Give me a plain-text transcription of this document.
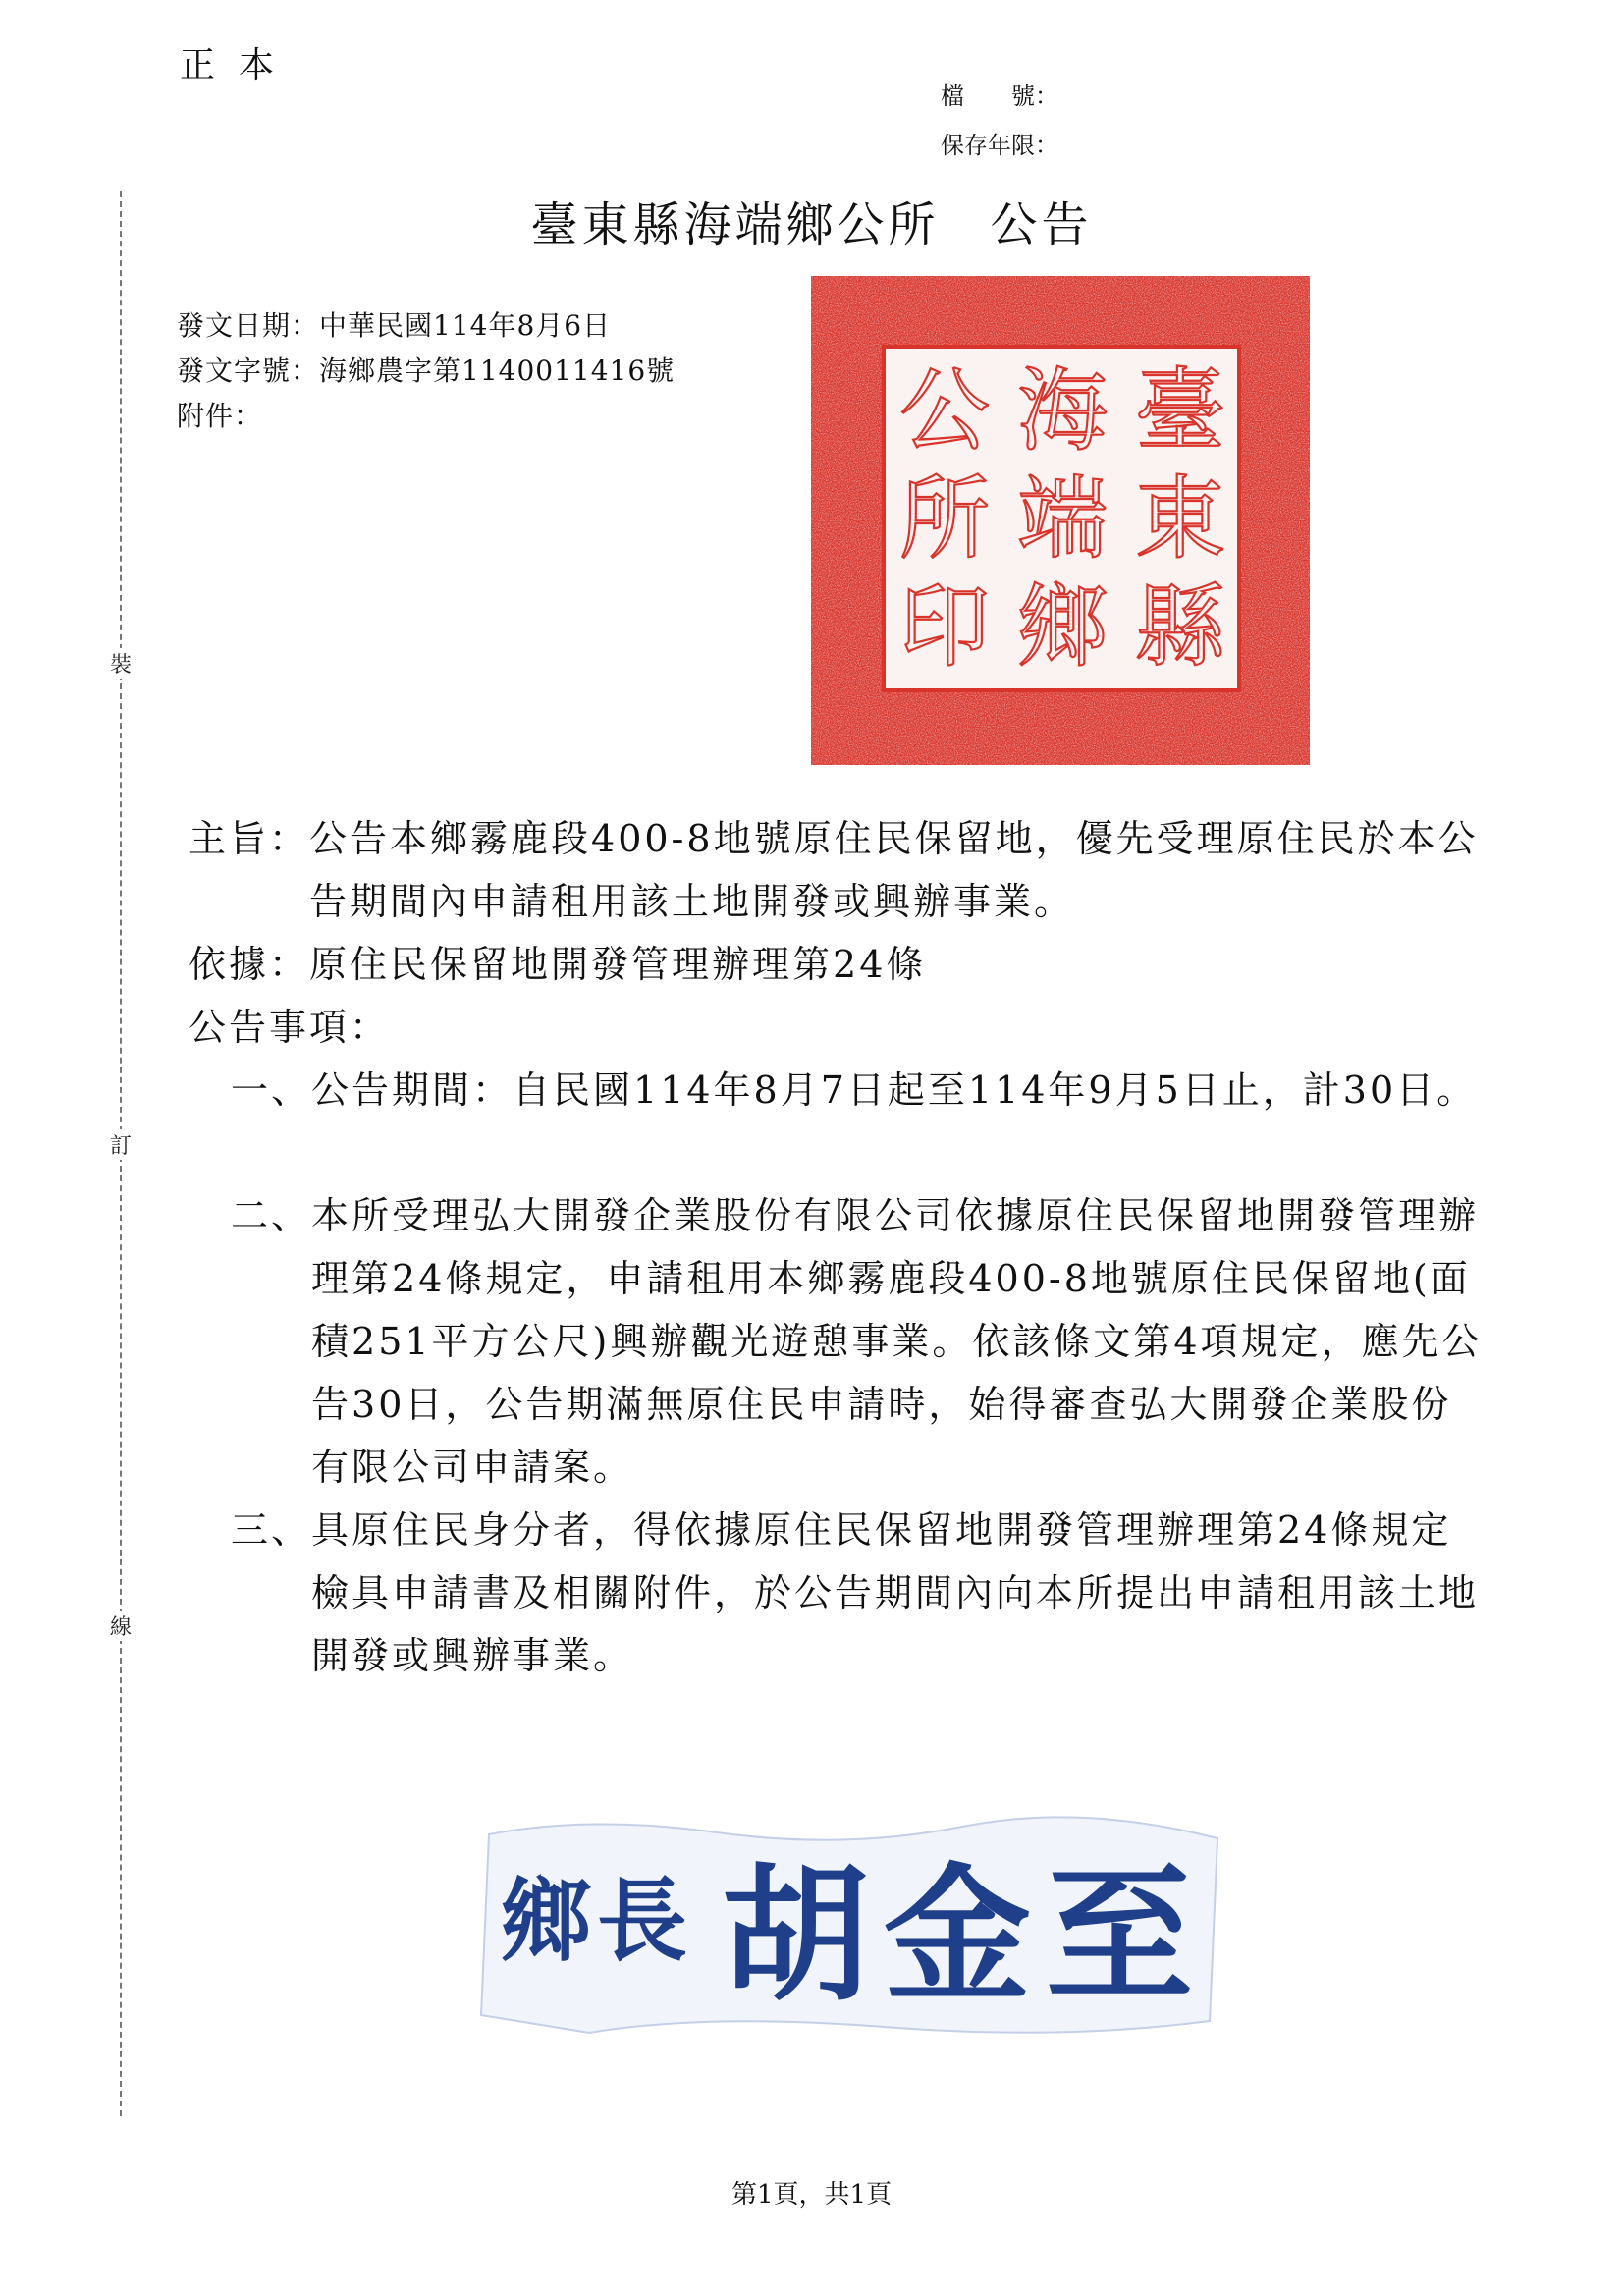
正本
檔　　號：
保存年限：
裝
訂
線
臺東縣海端鄉公所　公告
發文日期：中華民國114年8月6日
發文字號：海鄉農字第1140011416號
附件：	臺
東
縣
海
端
鄉
公
所
印
主旨： 公告本鄉霧鹿段400-8地號原住民保留地，優先受理原住民於本公告期間內申請租用該土地開發或興辦事業。
依據： 原住民保留地開發管理辦理第24條
公告事項：
一、 公告期間：自民國114年8月7日起至114年9月5日止，計30日。
二、 本所受理弘大開發企業股份有限公司依據原住民保留地開發管理辦理第24條規定，申請租用本鄉霧鹿段400-8地號原住民保留地(面積251平方公尺)興辦觀光遊憩事業。依該條文第4項規定，應先公告30日，公告期滿無原住民申請時，始得審查弘大開發企業股份有限公司申請案。
三、 具原住民身分者，得依據原住民保留地開發管理辦理第24條規定檢具申請書及相關附件，於公告期間內向本所提出申請租用該土地開發或興辦事業。
鄉 長 胡 金 至
第1頁，共1頁
